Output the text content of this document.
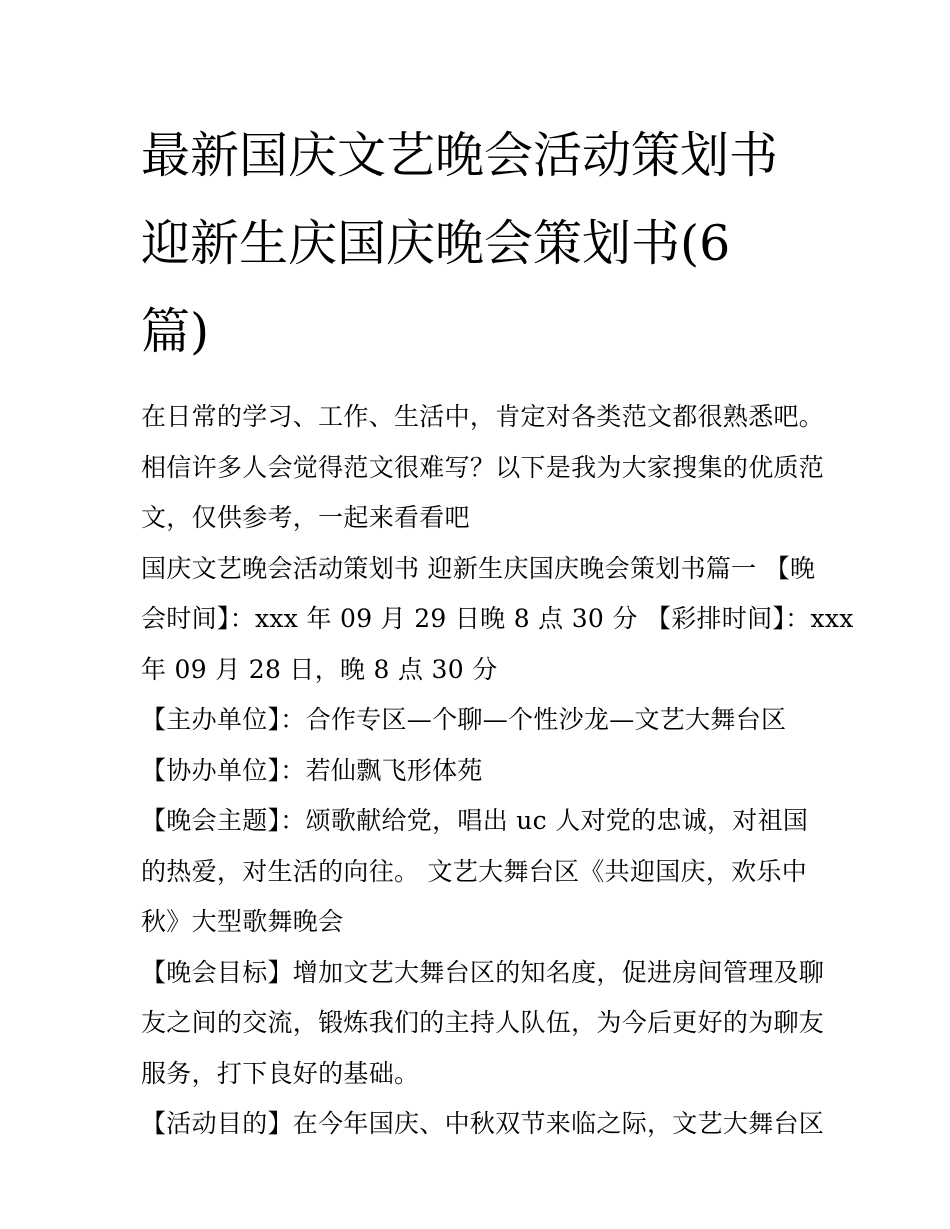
最新国庆文艺晚会活动策划书
迎新生庆国庆晚会策划书(6
篇)

在日常的学习、工作、生活中，肯定对各类范文都很熟悉吧。
相信许多人会觉得范文很难写？以下是我为大家搜集的优质范
文，仅供参考，一起来看看吧

国庆文艺晚会活动策划书 迎新生庆国庆晚会策划书篇一 【晚
会时间】：xxx 年 09 月 29 日晚 8 点 30 分 【彩排时间】：xxx
年 09 月 28 日，晚 8 点 30 分

【主办单位】：合作专区—个聊—个性沙龙—文艺大舞台区

【协办单位】：若仙飘飞形体苑

【晚会主题】：颂歌献给党，唱出 uc 人对党的忠诚，对祖国
的热爱，对生活的向往。 文艺大舞台区《共迎国庆，欢乐中
秋》大型歌舞晚会

【晚会目标】增加文艺大舞台区的知名度，促进房间管理及聊
友之间的交流，锻炼我们的主持人队伍，为今后更好的为聊友
服务，打下良好的基础。

【活动目的】在今年国庆、中秋双节来临之际，文艺大舞台区
